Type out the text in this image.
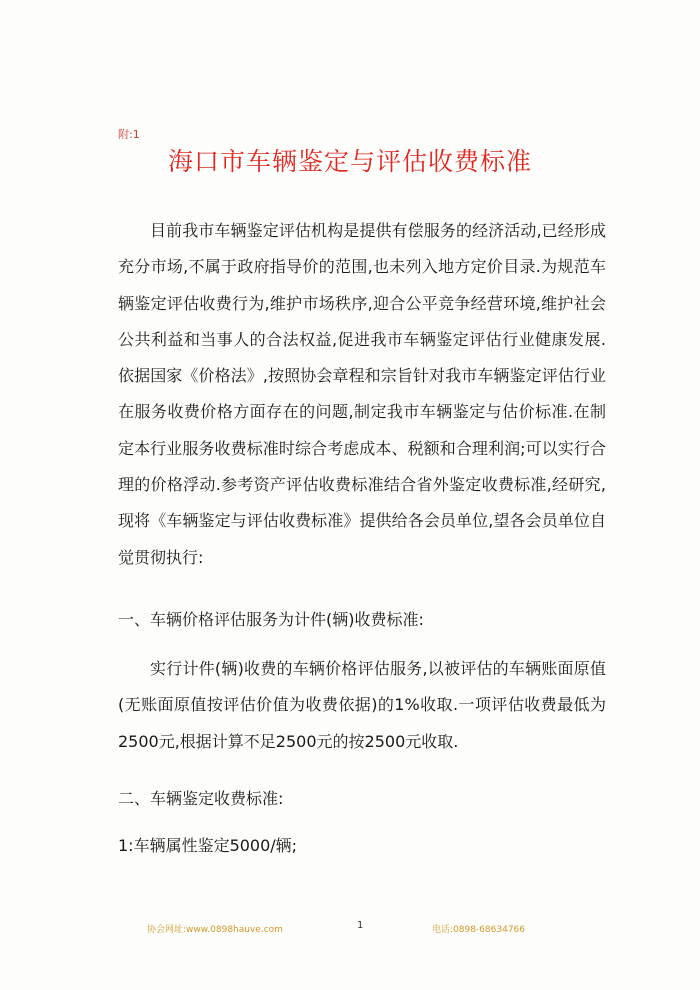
附:1
海口市车辆鉴定与评估收费标准
目前我市车辆鉴定评估机构是提供有偿服务的经济活动,已经形成充分市场,不属于政府指导价的范围,也未列入地方定价目录.为规范车辆鉴定评估收费行为,维护市场秩序,迎合公平竞争经营环境,维护社会公共利益和当事人的合法权益,促进我市车辆鉴定评估行业健康发展.依据国家《价格法》,按照协会章程和宗旨针对我市车辆鉴定评估行业在服务收费价格方面存在的问题,制定我市车辆鉴定与估价标准.在制定本行业服务收费标准时综合考虑成本、税额和合理利润;可以实行合理的价格浮动.参考资产评估收费标准结合省外鉴定收费标准,经研究,现将《车辆鉴定与评估收费标准》提供给各会员单位,望各会员单位自觉贯彻执行:
一、车辆价格评估服务为计件(辆)收费标准:
实行计件(辆)收费的车辆价格评估服务,以被评估的车辆账面原值(无账面原值按评估价值为收费依据)的1%收取.一项评估收费最低为2500元,根据计算不足2500元的按2500元收取.
二、车辆鉴定收费标准:
1:车辆属性鉴定5000/辆;
协会网址:www.0898hauve.com	1	电话:0898-68634766
